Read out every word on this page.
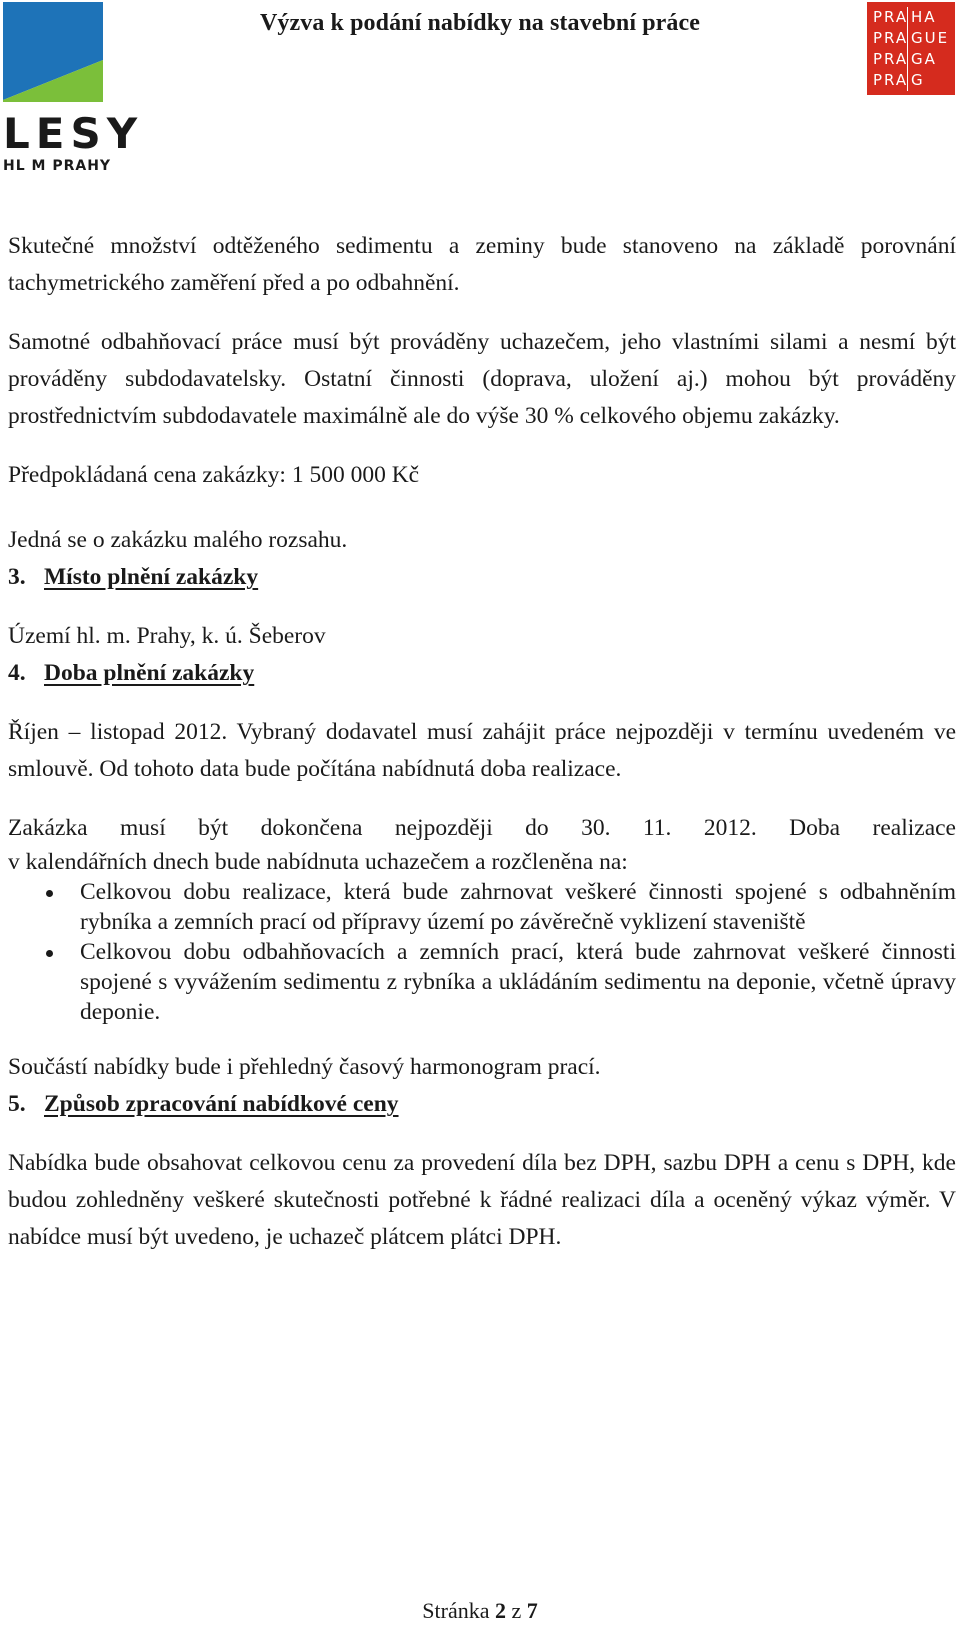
LESY
HL M PRAHY
Výzva k podání nabídky na stavební práce	PRA HA
PRA GUE
PRA GA
PRA G

Skutečné množství odtěženého sedimentu a zeminy bude stanoveno na základě porovnání tachymetrického zaměření před a po odbahnění.

Samotné odbahňovací práce musí být prováděny uchazečem, jeho vlastními silami a nesmí být prováděny subdodavatelsky. Ostatní činnosti (doprava, uložení aj.) mohou být prováděny prostřednictvím subdodavatele maximálně ale do výše 30 % celkového objemu zakázky.

Předpokládaná cena zakázky: 1 500 000 Kč

Jedná se o zakázku malého rozsahu.

3. Místo plnění zakázky

Území hl. m. Prahy, k. ú. Šeberov

4. Doba plnění zakázky

Říjen – listopad 2012. Vybraný dodavatel musí zahájit práce nejpozději v termínu uvedeném ve smlouvě. Od tohoto data bude počítána nabídnutá doba realizace.

Zakázka musí být dokončena nejpozději do 30. 11. 2012. Doba realizace

v kalendářních dnech bude nabídnuta uchazečem a rozčleněna na:

Celkovou dobu realizace, která bude zahrnovat veškeré činnosti spojené s odbahněním rybníka a zemních prací od přípravy území po závěrečně vyklizení staveniště
Celkovou dobu odbahňovacích a zemních prací, která bude zahrnovat veškeré činnosti spojené s vyvážením sedimentu z rybníka a ukládáním sedimentu na deponie, včetně úpravy deponie.

Součástí nabídky bude i přehledný časový harmonogram prací.

5. Způsob zpracování nabídkové ceny

Nabídka bude obsahovat celkovou cenu za provedení díla bez DPH, sazbu DPH a cenu s DPH, kde budou zohledněny veškeré skutečnosti potřebné k řádné realizaci díla a oceněný výkaz výměr. V nabídce musí být uvedeno, je uchazeč plátcem plátci DPH.

Stránka 2 z 7
